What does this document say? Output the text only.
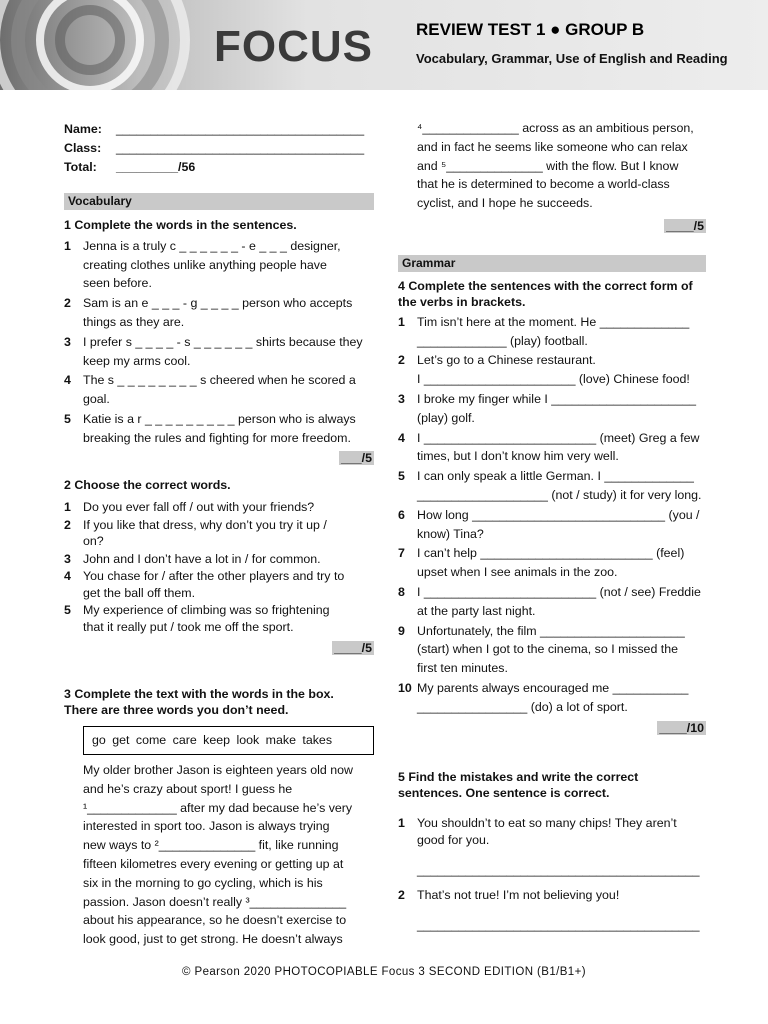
FOCUS	REVIEW TEST 1 ● GROUP B
Vocabulary, Grammar, Use of English and Reading
Name: ____________________________________
Class: ____________________________________
Total: _________/56
Vocabulary
1 Complete the words in the sentences.
1 Jenna is a truly c _ _ _ _ _ _ - e _ _ _ designer,
creating clothes unlike anything people have
seen before.
2 Sam is an e _ _ _ - g _ _ _ _ person who accepts
things as they are.
3 I prefer s _ _ _ _ - s _ _ _ _ _ _ shirts because they
keep my arms cool.
4 The s _ _ _ _ _ _ _ _ s cheered when he scored a
goal.
5 Katie is a r _ _ _ _ _ _ _ _ _ person who is always
breaking the rules and fighting for more freedom.
___/5
2 Choose the correct words.
1 Do you ever fall off / out with your friends?
2 If you like that dress, why don’t you try it up /
on?
3 John and I don’t have a lot in / for common.
4 You chase for / after the other players and try to
get the ball off them.
5 My experience of climbing was so frightening
that it really put / took me off the sport.
____/5
3 Complete the text with the words in the box.
There are three words you don’t need.
go get come care keep look make takes
My older brother Jason is eighteen years old now
and he’s crazy about sport! I guess he
¹_____________ after my dad because he’s very
interested in sport too. Jason is always trying
new ways to ²______________ fit, like running
fifteen kilometres every evening or getting up at
six in the morning to go cycling, which is his
passion. Jason doesn’t really ³______________
about his appearance, so he doesn’t exercise to
look good, just to get strong. He doesn’t always
⁴______________ across as an ambitious person,
and in fact he seems like someone who can relax
and ⁵______________ with the flow. But I know
that he is determined to become a world-class
cyclist, and I hope he succeeds.
____/5
Grammar
4 Complete the sentences with the correct form of
the verbs in brackets.
1 Tim isn’t here at the moment. He _____________
_____________ (play) football.
2 Let’s go to a Chinese restaurant.
I ______________________ (love) Chinese food!
3 I broke my finger while I _____________________
(play) golf.
4 I _________________________ (meet) Greg a few
times, but I don’t know him very well.
5 I can only speak a little German. I _____________
___________________ (not / study) it for very long.
6 How long ____________________________ (you /
know) Tina?
7 I can’t help _________________________ (feel)
upset when I see animals in the zoo.
8 I _________________________ (not / see) Freddie
at the party last night.
9 Unfortunately, the film _____________________
(start) when I got to the cinema, so I missed the
first ten minutes.
10 My parents always encouraged me ___________
________________ (do) a lot of sport.
____/10
5 Find the mistakes and write the correct
sentences. One sentence is correct.
1 You shouldn’t to eat so many chips! They aren’t
good for you.
_________________________________________
2 That’s not true! I’m not believing you!
_________________________________________
© Pearson 2020 PHOTOCOPIABLE Focus 3 SECOND EDITION (B1/B1+)
